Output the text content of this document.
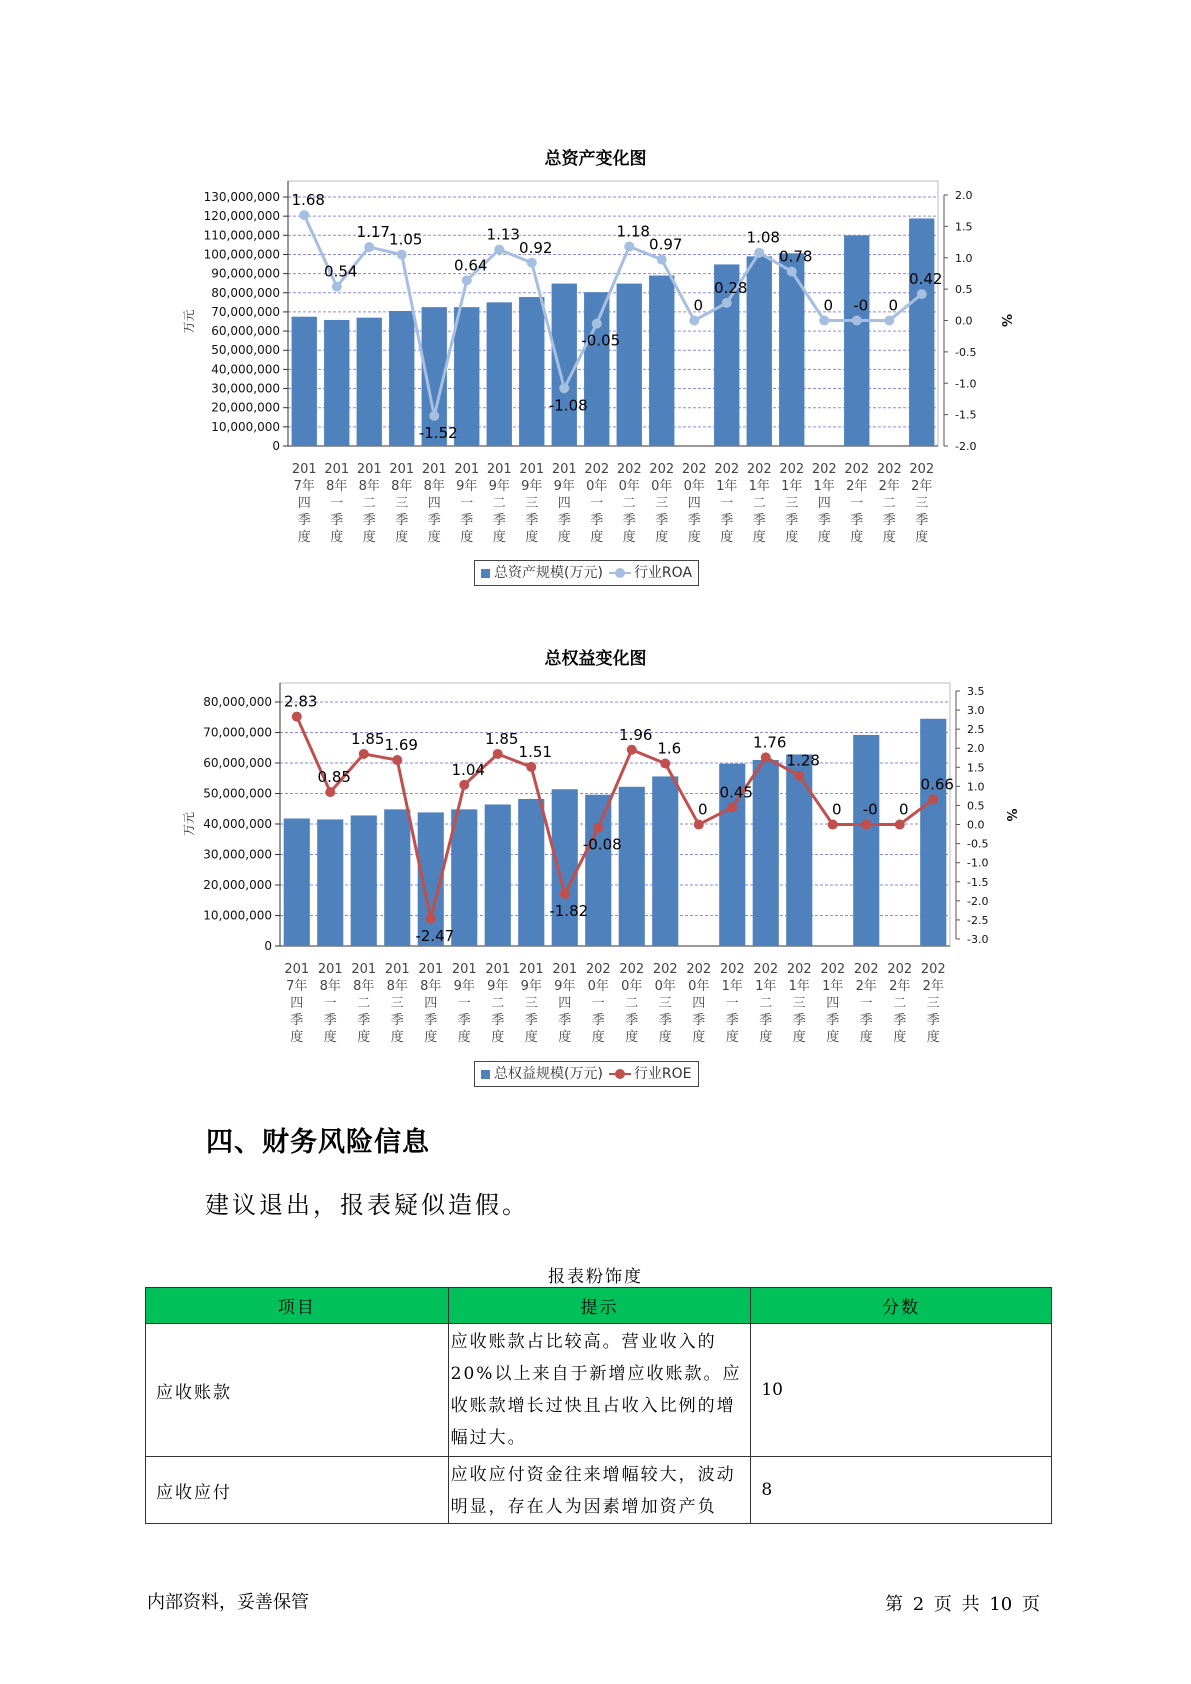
总资产变化图
0
10,000,000
20,000,000
30,000,000
40,000,000
50,000,000
60,000,000
70,000,000
80,000,000
90,000,000
100,000,000
110,000,000
120,000,000
130,000,000
万元
2.0
1.5
1.0
0.5
0.0
-0.5
-1.0
-1.5
-2.0
%
1.68
0.54
1.17 1.05
-1.52
0.64
1.13
0.92
-1.08
-0.05
1.18
0.97
0
0.28
1.08
0.78
0 -0 0
0.42
201 7年四季度
201 8年一季度
201 8年二季度
201 8年三季度
201 8年四季度
201 9年一季度
201 9年二季度
201 9年三季度
201 9年四季度
202 0年一季度
202 0年二季度
202 0年三季度
202 0年四季度
202 1年一季度
202 1年二季度
202 1年三季度
202 1年四季度
202 2年一季度
202 2年二季度
202 2年三季度
总资产规模(万元) 行业ROA
总权益变化图
0
10,000,000
20,000,000
30,000,000
40,000,000
50,000,000
60,000,000
70,000,000
80,000,000
万元
3.5
3.0
2.5
2.0
1.5
1.0
0.5
0.0
-0.5
-1.0
-1.5
-2.0
-2.5
-3.0
%
2.83
0.85
1.85 1.69
-2.47
1.04
1.85
1.51
-1.82
-0.08
1.96
1.6
0
0.45
1.76
1.28
0 -0 0
0.66
201 7年四季度
201 8年一季度
201 8年二季度
201 8年三季度
201 8年四季度
201 9年一季度
201 9年二季度
201 9年三季度
201 9年四季度
202 0年一季度
202 0年二季度
202 0年三季度
202 0年四季度
202 1年一季度
202 1年二季度
202 1年三季度
202 1年四季度
202 2年一季度
202 2年二季度
202 2年三季度
总权益规模(万元) 行业ROE
四、财务风险信息
建议退出，报表疑似造假。
报表粉饰度
项目	提示	分数
应收账款	应收账款占比较高。营业收入的20%以上来自于新增应收账款。应收账款增长过快且占收入比例的增幅过大。	10
应收应付	应收应付资金往来增幅较大，波动明显，存在人为因素增加资产负	8
内部资料，妥善保管	第 2 页 共 10 页
